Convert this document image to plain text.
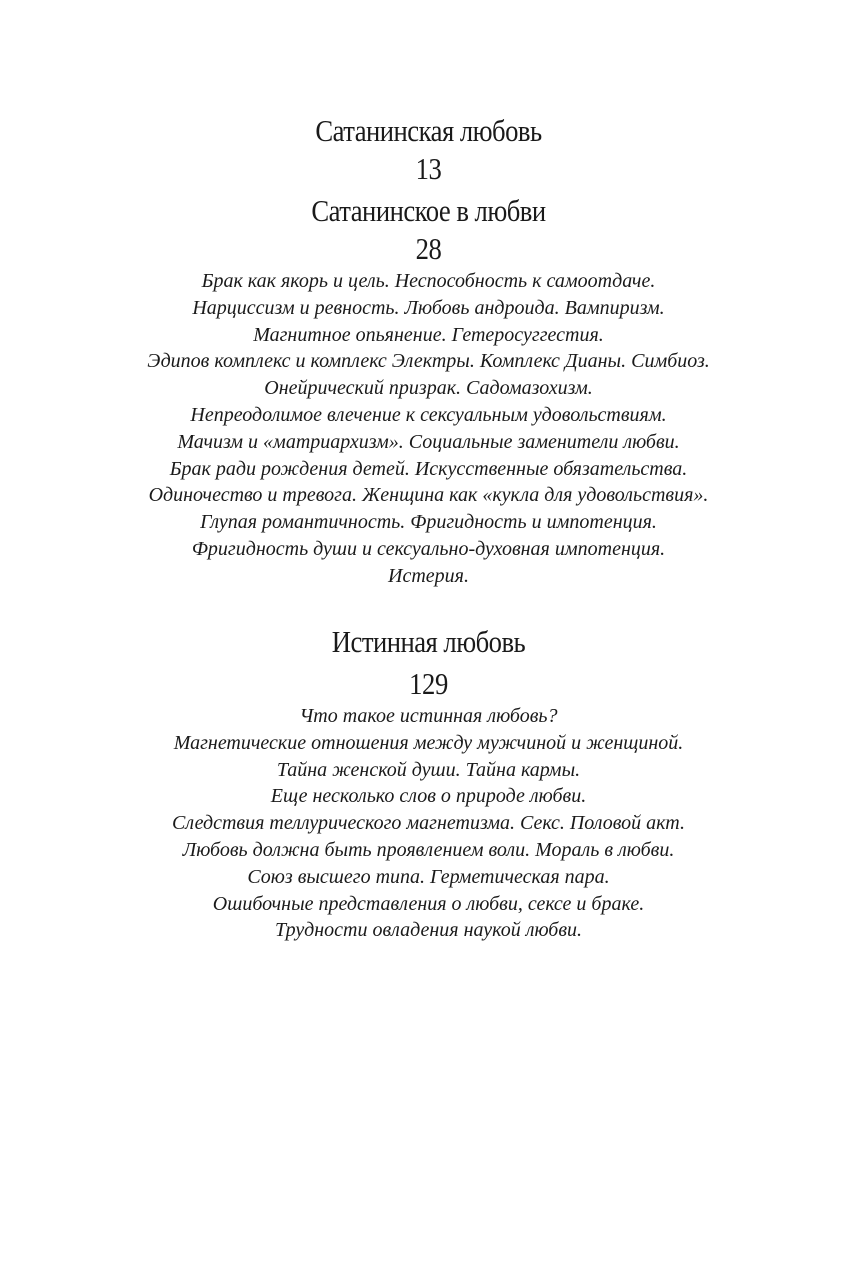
Сатанинская любовь
13
Сатанинское в любви
28
Брак как якорь и цель. Неспособность к самоотдаче.
Нарциссизм и ревность. Любовь андроида. Вампиризм.
Магнитное опьянение. Гетеросуггестия.
Эдипов комплекс и комплекс Электры. Комплекс Дианы. Симбиоз.
Онейрический призрак. Садомазохизм.
Непреодолимое влечение к сексуальным удовольствиям.
Мачизм и «матриархизм». Социальные заменители любви.
Брак ради рождения детей. Искусственные обязательства.
Одиночество и тревога. Женщина как «кукла для удовольствия».
Глупая романтичность. Фригидность и импотенция.
Фригидность души и сексуально-духовная импотенция.
Истерия.
Истинная любовь
129
Что такое истинная любовь?
Магнетические отношения между мужчиной и женщиной.
Тайна женской души. Тайна кармы.
Еще несколько слов о природе любви.
Следствия теллурического магнетизма. Секс. Половой акт.
Любовь должна быть проявлением воли. Мораль в любви.
Союз высшего типа. Герметическая пара.
Ошибочные представления о любви, сексе и браке.
Трудности овладения наукой любви.
